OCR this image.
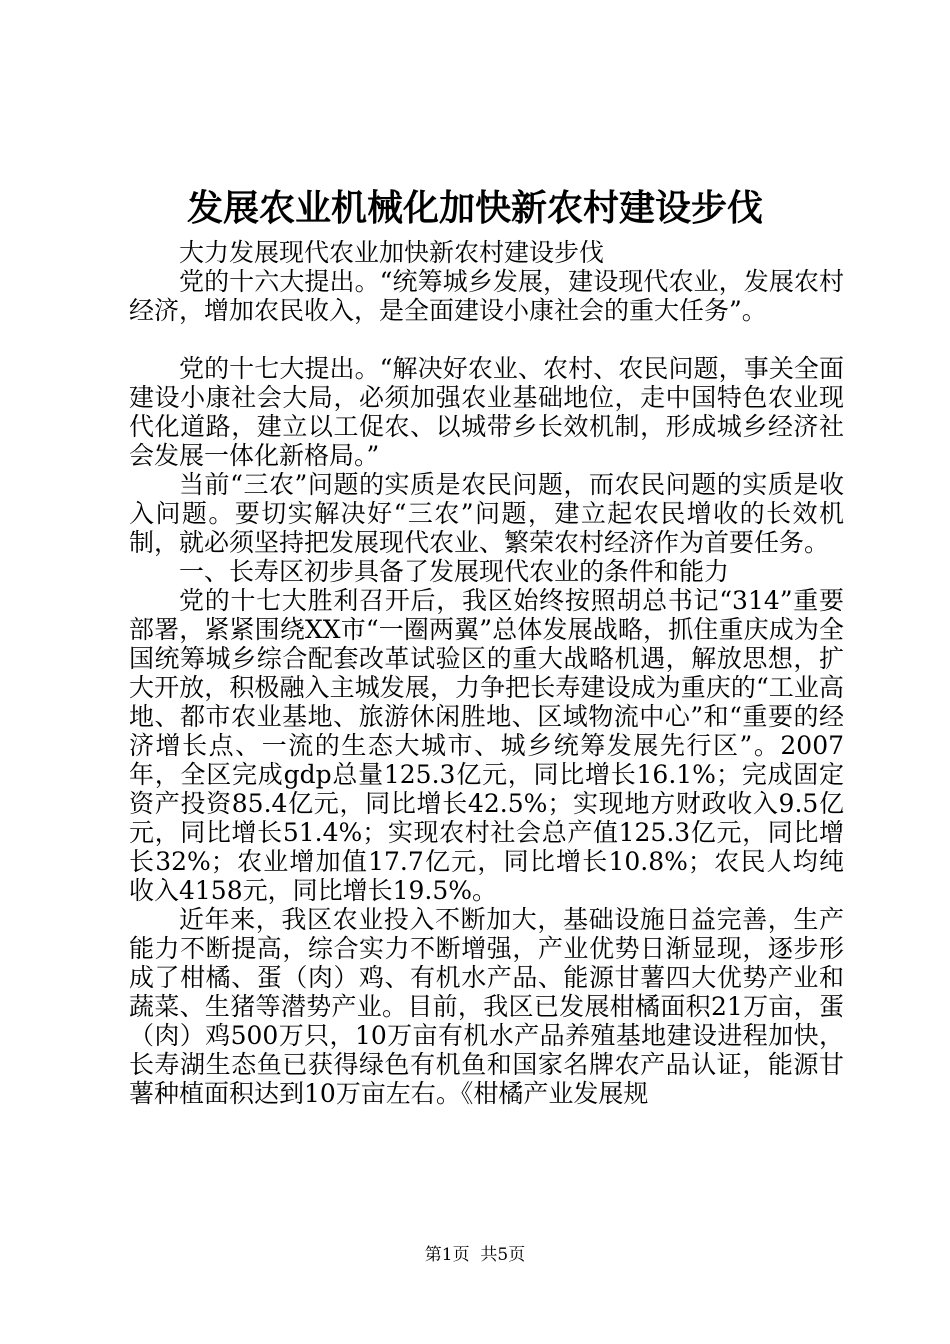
发展农业机械化加快新农村建设步伐

大力发展现代农业加快新农村建设步伐

党的十六大提出。“统筹城乡发展，建设现代农业，发展农村经济，增加农民收入，是全面建设小康社会的重大任务”。

党的十七大提出。“解决好农业、农村、农民问题，事关全面建设小康社会大局，必须加强农业基础地位，走中国特色农业现代化道路，建立以工促农、以城带乡长效机制，形成城乡经济社会发展一体化新格局。”

当前“三农”问题的实质是农民问题，而农民问题的实质是收入问题。要切实解决好“三农”问题，建立起农民增收的长效机制，就必须坚持把发展现代农业、繁荣农村经济作为首要任务。

一、长寿区初步具备了发展现代农业的条件和能力

党的十七大胜利召开后，我区始终按照胡总书记“314”重要部署，紧紧围绕XX市“一圈两翼”总体发展战略，抓住重庆成为全国统筹城乡综合配套改革试验区的重大战略机遇，解放思想，扩大开放，积极融入主城发展，力争把长寿建设成为重庆的“工业高地、都市农业基地、旅游休闲胜地、区域物流中心”和“重要的经济增长点、一流的生态大城市、城乡统筹发展先行区”。2007年，全区完成gdp总量125.3亿元，同比增长16.1%；完成固定资产投资85.4亿元，同比增长42.5%；实现地方财政收入9.5亿元，同比增长51.4%；实现农村社会总产值125.3亿元，同比增长32%；农业增加值17.7亿元，同比增长10.8%；农民人均纯收入4158元，同比增长19.5%。

近年来，我区农业投入不断加大，基础设施日益完善，生产能力不断提高，综合实力不断增强，产业优势日渐显现，逐步形成了柑橘、蛋（肉）鸡、有机水产品、能源甘薯四大优势产业和蔬菜、生猪等潜势产业。目前，我区已发展柑橘面积21万亩，蛋（肉）鸡500万只，10万亩有机水产品养殖基地建设进程加快，长寿湖生态鱼已获得绿色有机鱼和国家名牌农产品认证，能源甘薯种植面积达到10万亩左右。《柑橘产业发展规

第1页  共5页
